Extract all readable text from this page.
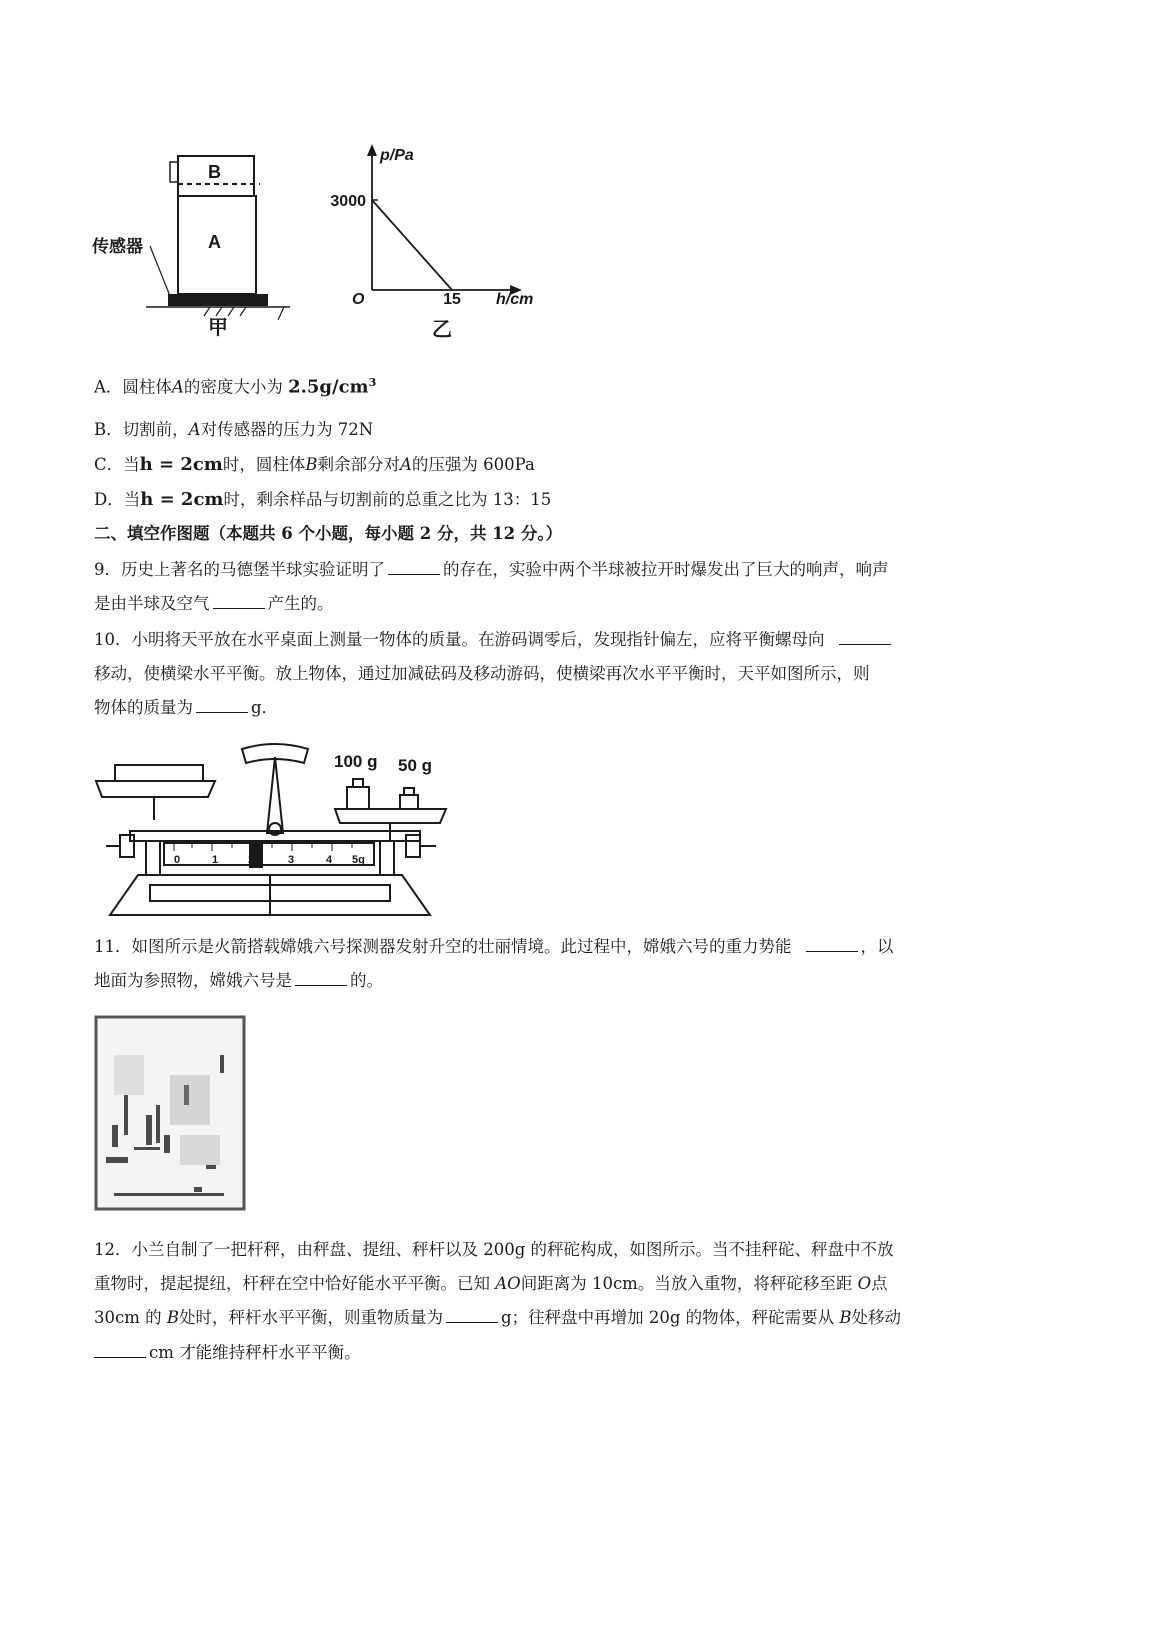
B
A
传感器
甲
3000
15
O
p/Pa
h/cm
乙
A．圆柱体A的密度大小为 $2.5g/cm^3$
B．切割前，A对传感器的压力为 72N
C．当h = 2cm时，圆柱体B剩余部分对A的压强为 600Pa
D．当h = 2cm时，剩余样品与切割前的总重之比为 13：15
二、填空作图题（本题共 6 个小题，每小题 2 分，共 12 分。）
9．历史上著名的马德堡半球实验证明了	的存在，实验中两个半球被拉开时爆发出了巨大的响声，响声
是由半球及空气	产生的。
10．小明将天平放在水平桌面上测量一物体的质量。在游码调零后，发现指针偏左，应将平衡螺母向
移动，使横梁水平平衡。放上物体，通过加减砝码及移动游码，使横梁再次水平平衡时，天平如图所示，则
物体的质量为	g．
100 g 50 g
0	1	2	3	4 5g
11．如图所示是火箭搭载嫦娥六号探测器发射升空的壮丽情境。此过程中，嫦娥六号的重力势能	，以
地面为参照物，嫦娥六号是	的。
12．小兰自制了一把杆秤，由秤盘、提纽、秤杆以及 200g 的秤砣构成，如图所示。当不挂秤砣、秤盘中不放
重物时，提起提纽，杆秤在空中恰好能水平平衡。已知 AO间距离为 10cm。当放入重物，将秤砣移至距 O点
30cm 的 B处时，秤杆水平平衡，则重物质量为	g；往秤盘中再增加 20g 的物体，秤砣需要从 B处移动
cm 才能维持秤杆水平平衡。
